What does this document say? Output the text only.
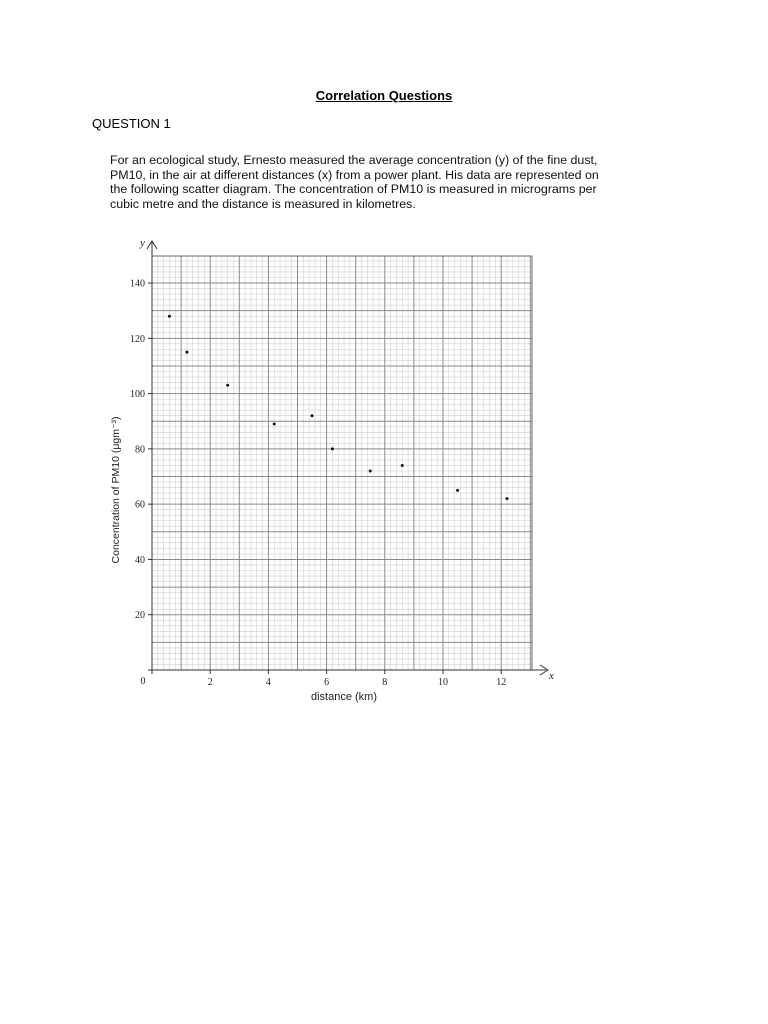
Correlation Questions
QUESTION 1

For an ecological study, Ernesto measured the average concentration (y) of the fine dust,

PM10, in the air at different distances (x) from a power plant. His data are represented on

the following scatter diagram. The concentration of PM10 is measured in micrograms per

cubic metre and the distance is measured in kilometres.

x
y
0	2	4	6	8	10	12
20
40
60
80
100
120
140
distance (km)
Concentration of PM10 (μgm⁻³)
